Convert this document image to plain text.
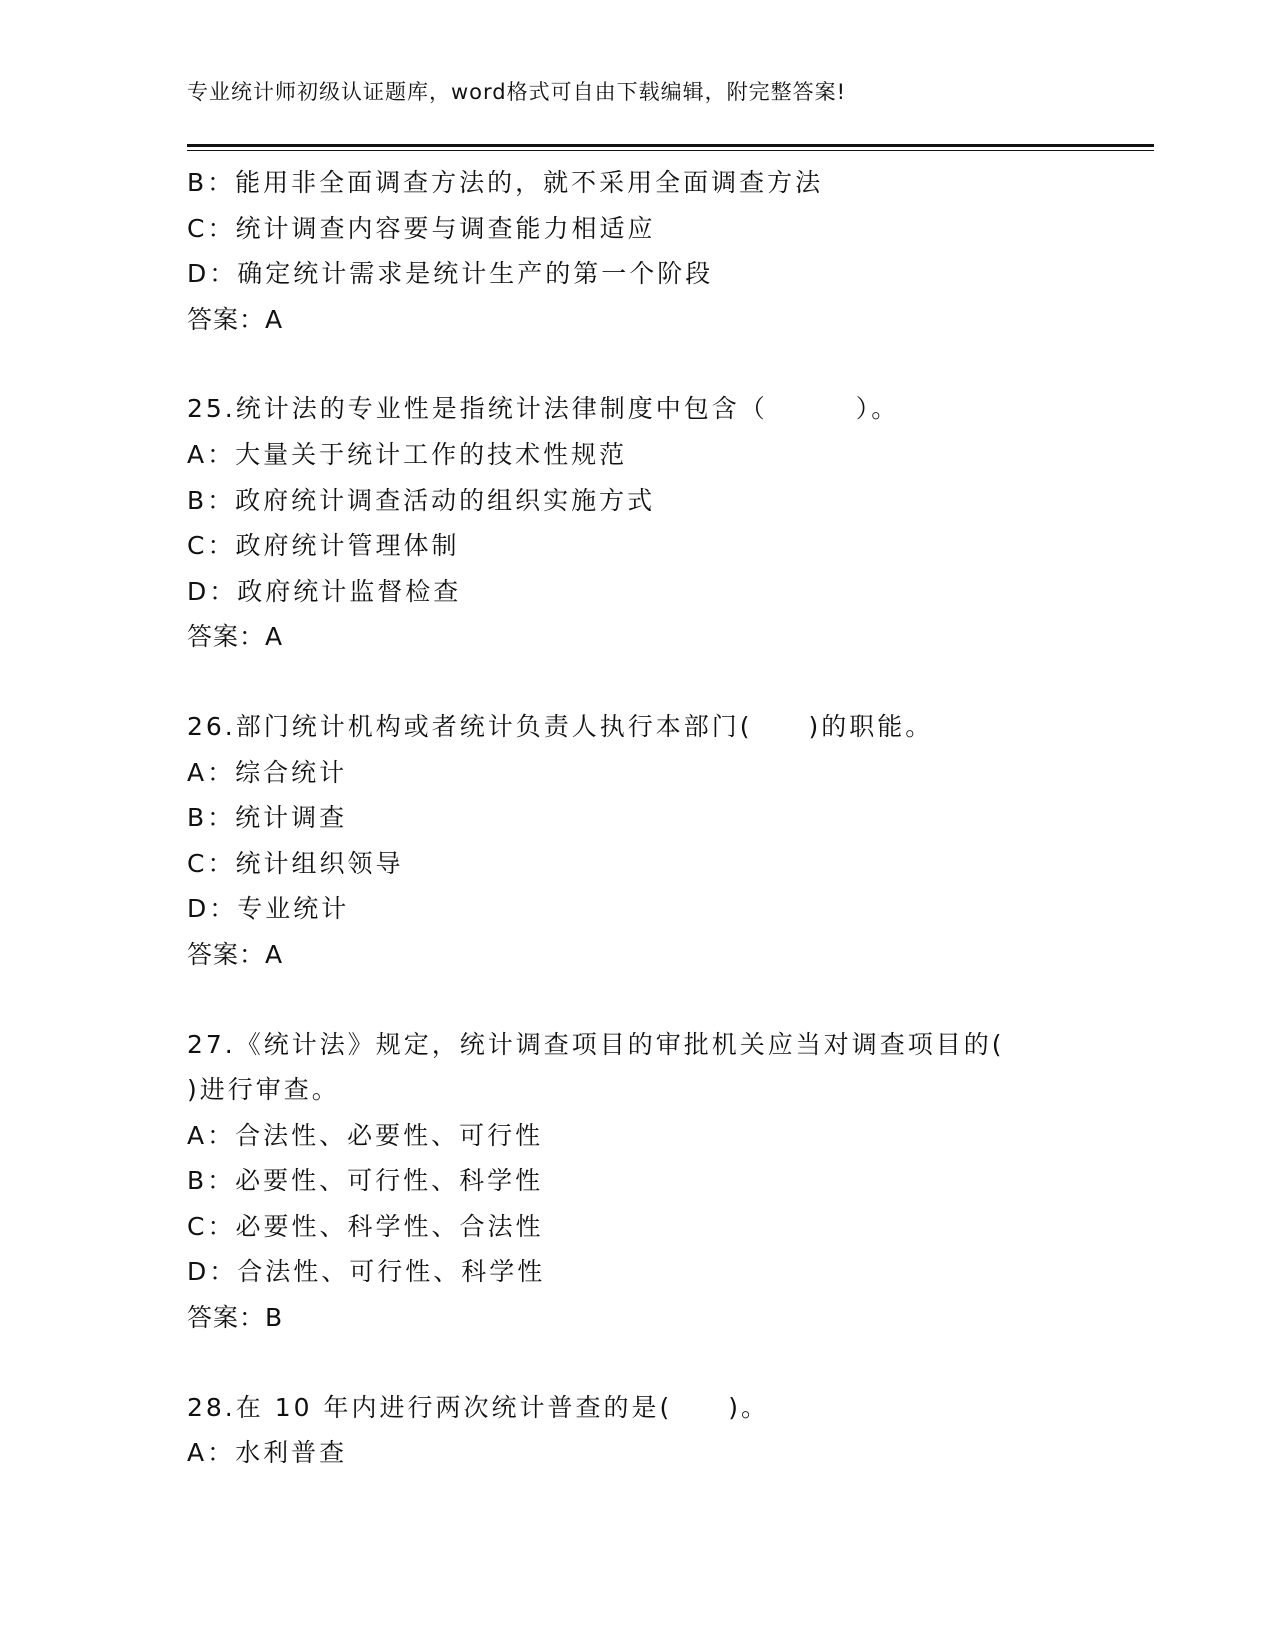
专业统计师初级认证题库，word格式可自由下载编辑，附完整答案!
B：能用非全面调查方法的，就不采用全面调查方法
C：统计调查内容要与调查能力相适应
D：确定统计需求是统计生产的第一个阶段
答案：A
25.统计法的专业性是指统计法律制度中包含（	）。
A：大量关于统计工作的技术性规范
B：政府统计调查活动的组织实施方式
C：政府统计管理体制
D：政府统计监督检查
答案：A
26.部门统计机构或者统计负责人执行本部门( )的职能。
A：综合统计
B：统计调查
C：统计组织领导
D：专业统计
答案：A
27.《统计法》规定，统计调查项目的审批机关应当对调查项目的(
)进行审查。
A：合法性、必要性、可行性
B：必要性、可行性、科学性
C：必要性、科学性、合法性
D：合法性、可行性、科学性
答案：B
28.在 10 年内进行两次统计普查的是( )。
A：水利普查
